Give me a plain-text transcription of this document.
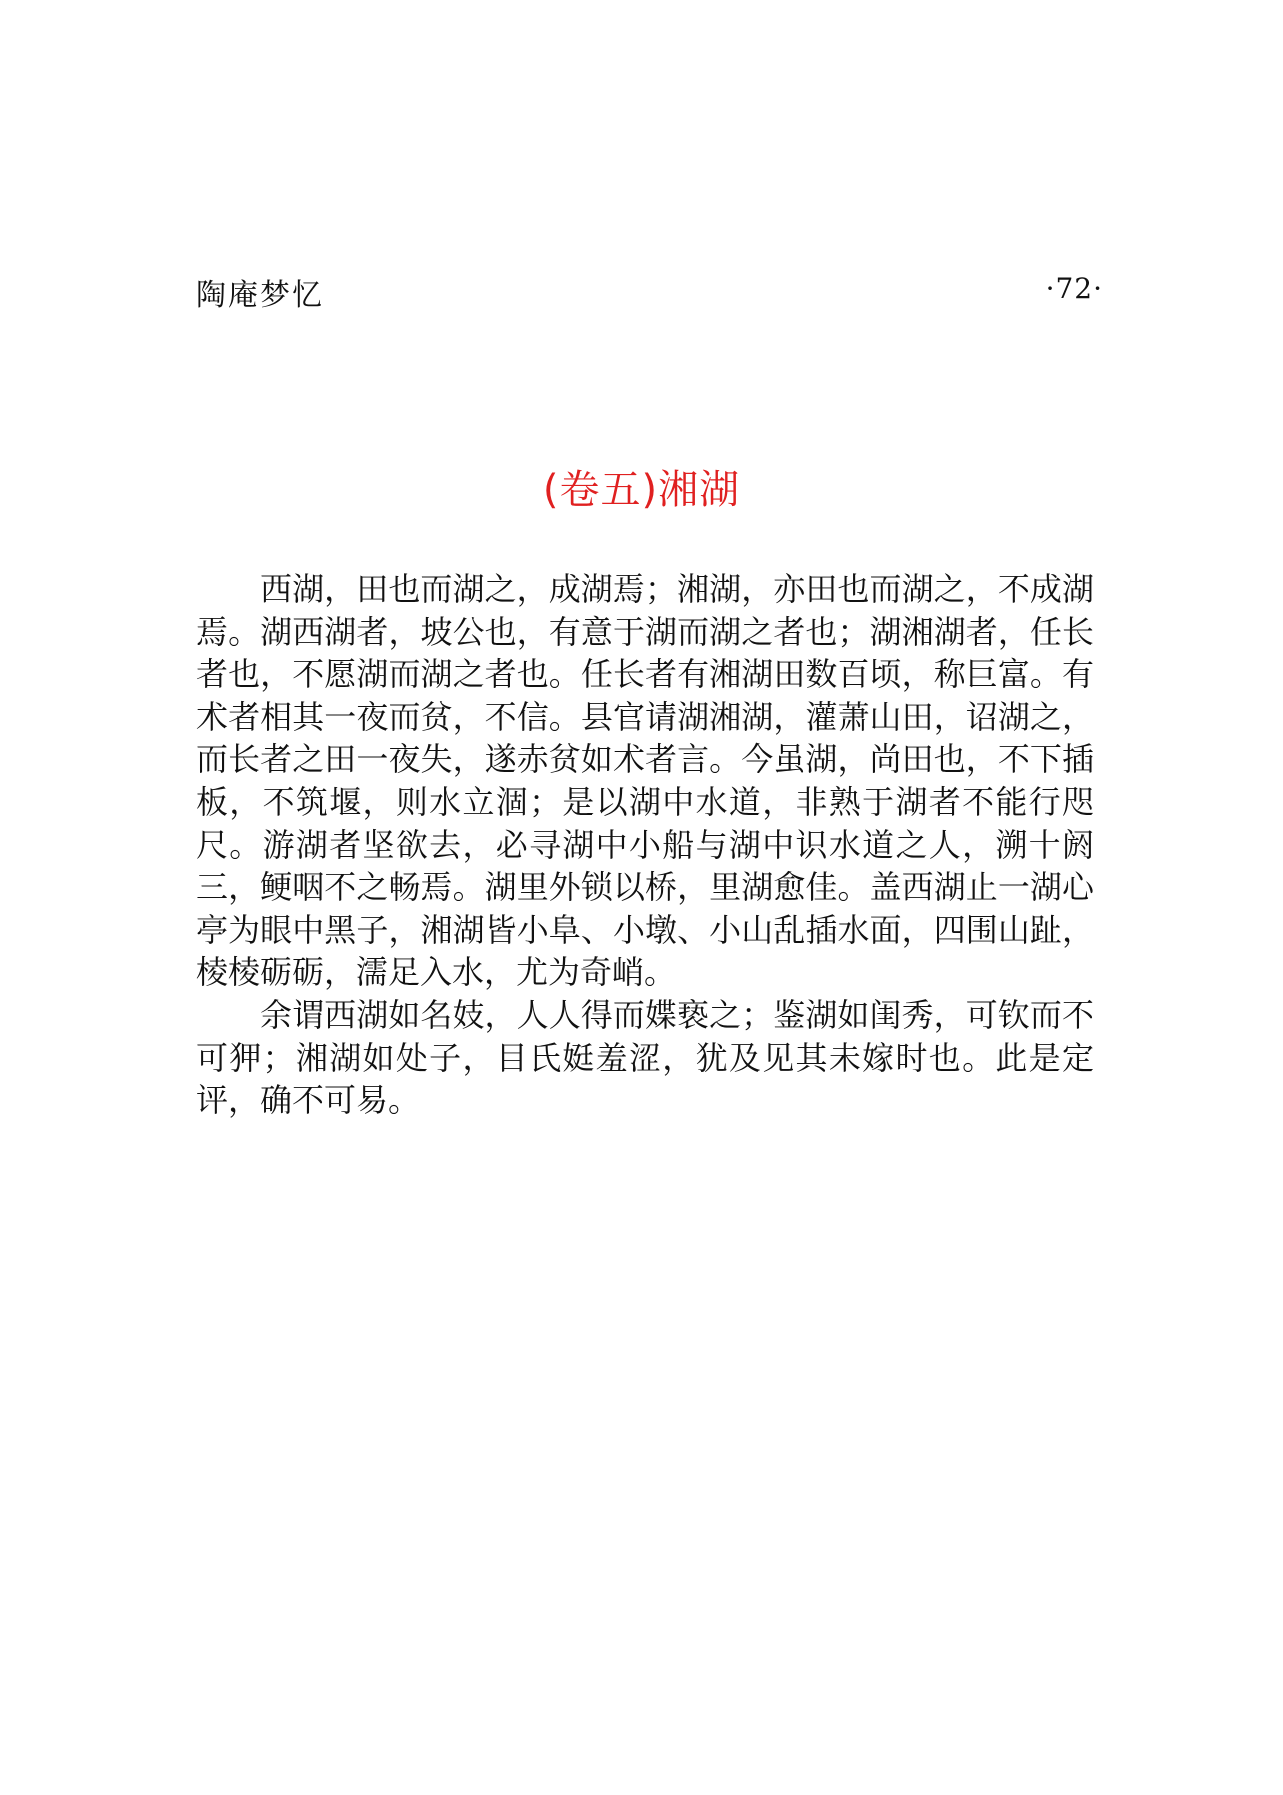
陶庵梦忆	·72·
(卷五)湘湖

西湖，田也而湖之，成湖焉；湘湖，亦田也而湖之，不成湖焉。湖西湖者，坡公也，有意于湖而湖之者也；湖湘湖者，任长者也，不愿湖而湖之者也。任长者有湘湖田数百顷，称巨富。有术者相其一夜而贫，不信。县官请湖湘湖，灌萧山田，诏湖之，而长者之田一夜失，遂赤贫如术者言。今虽湖，尚田也，不下插板，不筑堰，则水立涸；是以湖中水道，非熟于湖者不能行咫尺。游湖者坚欲去，必寻湖中小船与湖中识水道之人，溯十阏三，鲠咽不之畅焉。湖里外锁以桥，里湖愈佳。盖西湖止一湖心亭为眼中黑子，湘湖皆小阜、小墩、小山乱插水面，四围山趾，棱棱砺砺，濡足入水，尤为奇峭。

余谓西湖如名妓，人人得而媟亵之；鉴湖如闺秀，可钦而不可狎；湘湖如处子，目氏娗羞涩，犹及见其未嫁时也。此是定评，确不可易。
